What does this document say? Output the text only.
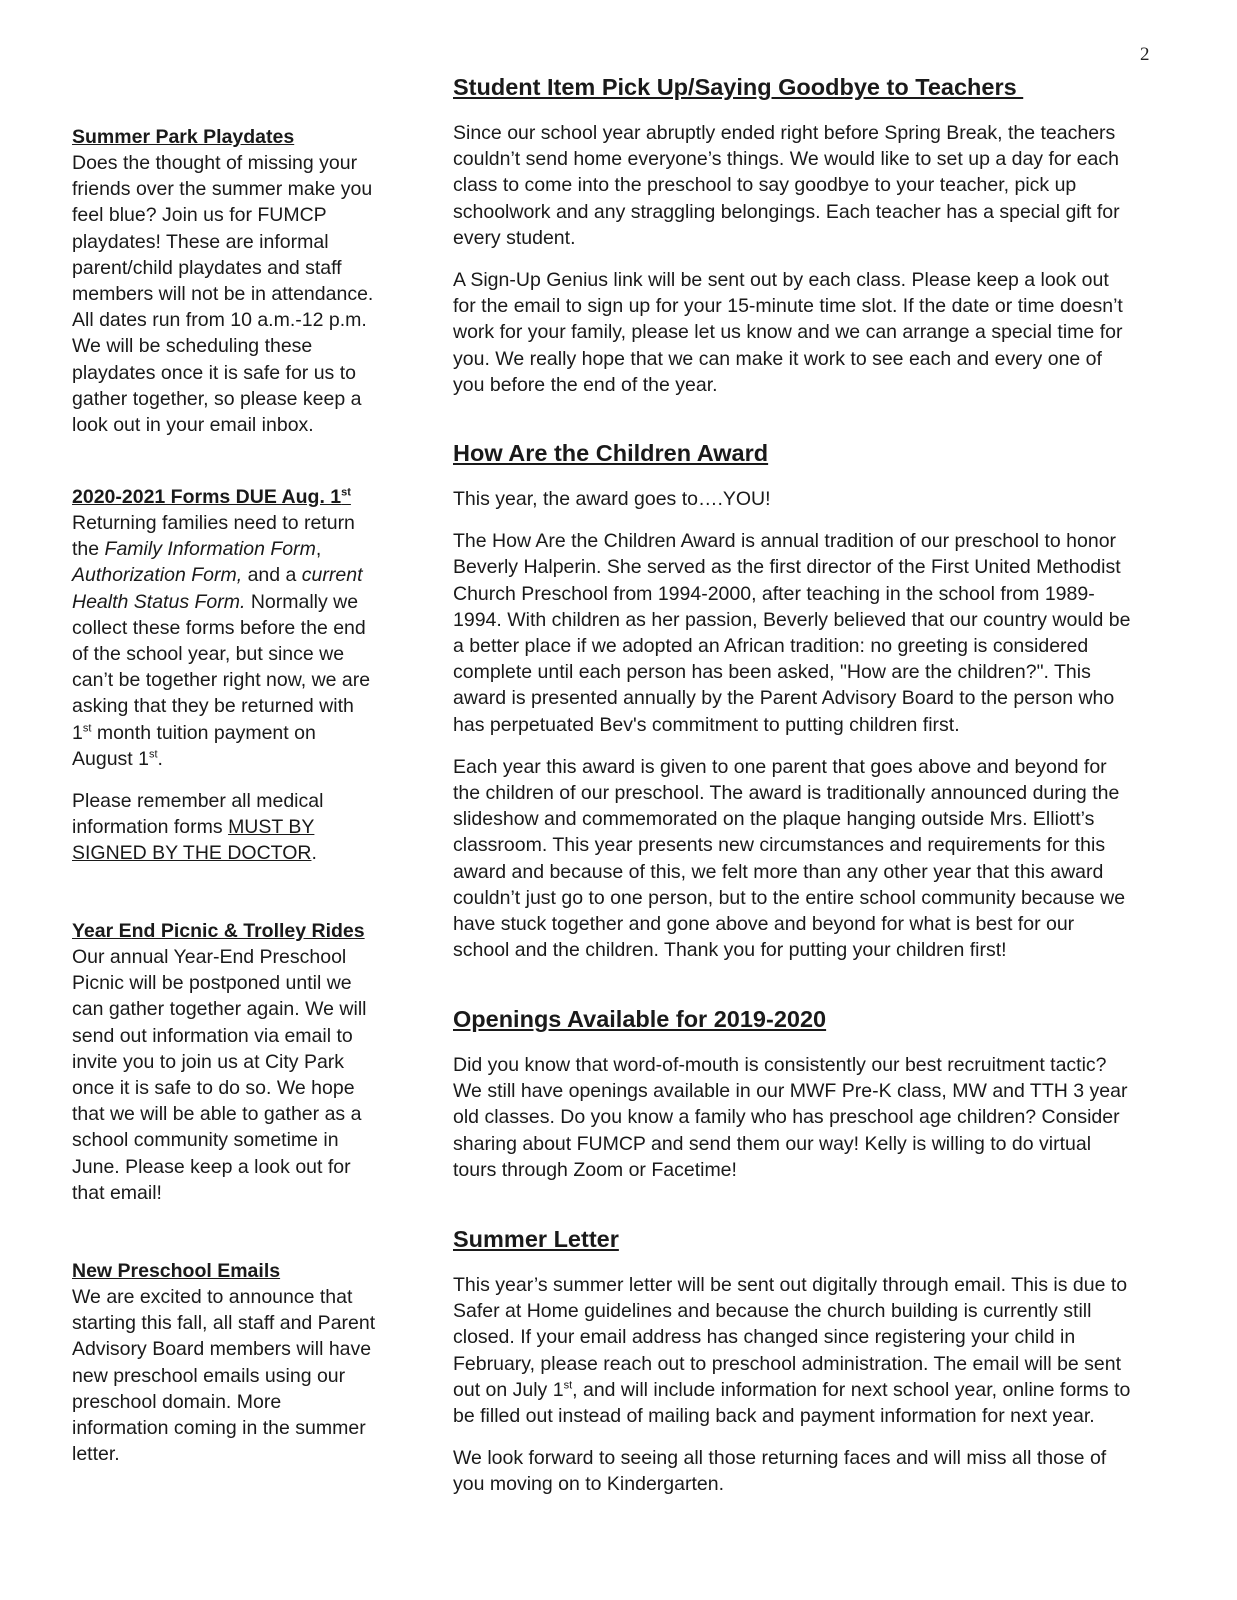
2

Summer Park Playdates

Does the thought of missing your
friends over the summer make you
feel blue? Join us for FUMCP
playdates! These are informal
parent/child playdates and staff
members will not be in attendance.
All dates run from 10 a.m.-12 p.m.
We will be scheduling these
playdates once it is safe for us to
gather together, so please keep a
look out in your email inbox.

2020-2021 Forms DUE Aug. 1st

Returning families need to return
the Family Information Form,
Authorization Form, and a current
Health Status Form. Normally we
collect these forms before the end
of the school year, but since we
can’t be together right now, we are
asking that they be returned with
1st month tuition payment on
August 1st.

Please remember all medical
information forms MUST BY
SIGNED BY THE DOCTOR.

Year End Picnic & Trolley Rides

Our annual Year-End Preschool
Picnic will be postponed until we
can gather together again. We will
send out information via email to
invite you to join us at City Park
once it is safe to do so. We hope
that we will be able to gather as a
school community sometime in
June. Please keep a look out for
that email!

New Preschool Emails

We are excited to announce that
starting this fall, all staff and Parent
Advisory Board members will have
new preschool emails using our
preschool domain. More
information coming in the summer
letter.

Student Item Pick Up/Saying Goodbye to Teachers

Since our school year abruptly ended right before Spring Break, the teachers
couldn’t send home everyone’s things. We would like to set up a day for each
class to come into the preschool to say goodbye to your teacher, pick up
schoolwork and any straggling belongings. Each teacher has a special gift for
every student.

A Sign-Up Genius link will be sent out by each class. Please keep a look out
for the email to sign up for your 15-minute time slot. If the date or time doesn’t
work for your family, please let us know and we can arrange a special time for
you. We really hope that we can make it work to see each and every one of
you before the end of the year.

How Are the Children Award

This year, the award goes to….YOU!

The How Are the Children Award is annual tradition of our preschool to honor
Beverly Halperin. She served as the first director of the First United Methodist
Church Preschool from 1994-2000, after teaching in the school from 1989-
1994. With children as her passion, Beverly believed that our country would be
a better place if we adopted an African tradition: no greeting is considered
complete until each person has been asked, "How are the children?". This
award is presented annually by the Parent Advisory Board to the person who
has perpetuated Bev's commitment to putting children first.

Each year this award is given to one parent that goes above and beyond for
the children of our preschool. The award is traditionally announced during the
slideshow and commemorated on the plaque hanging outside Mrs. Elliott’s
classroom. This year presents new circumstances and requirements for this
award and because of this, we felt more than any other year that this award
couldn’t just go to one person, but to the entire school community because we
have stuck together and gone above and beyond for what is best for our
school and the children. Thank you for putting your children first!

Openings Available for 2019-2020

Did you know that word-of-mouth is consistently our best recruitment tactic?
We still have openings available in our MWF Pre-K class, MW and TTH 3 year
old classes. Do you know a family who has preschool age children? Consider
sharing about FUMCP and send them our way! Kelly is willing to do virtual
tours through Zoom or Facetime!

Summer Letter

This year’s summer letter will be sent out digitally through email. This is due to
Safer at Home guidelines and because the church building is currently still
closed. If your email address has changed since registering your child in
February, please reach out to preschool administration. The email will be sent
out on July 1st, and will include information for next school year, online forms to
be filled out instead of mailing back and payment information for next year.

We look forward to seeing all those returning faces and will miss all those of
you moving on to Kindergarten.
